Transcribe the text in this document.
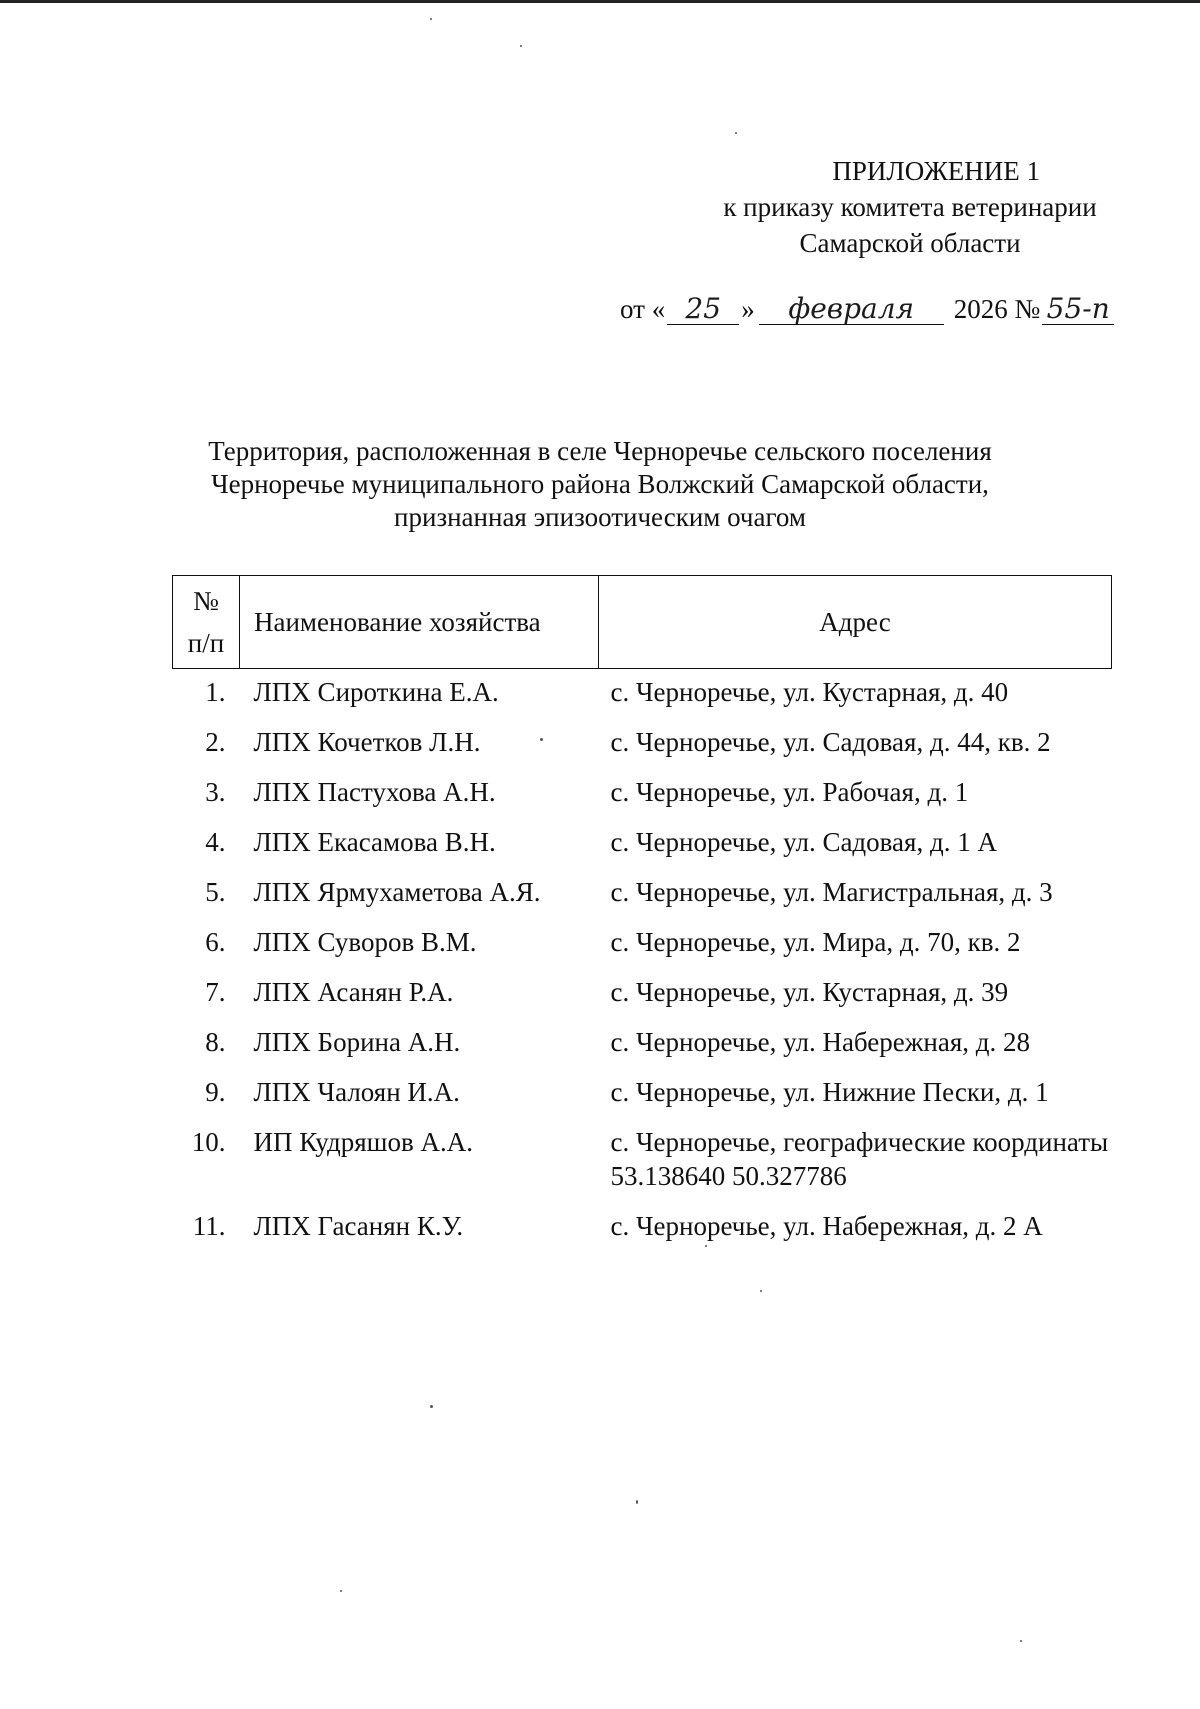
ПРИЛОЖЕНИЕ 1
к приказу комитета ветеринарии
Самарской области
от « 25 »	февраля	2026 № 55-п
Территория, расположенная в селе Черноречье сельского поселения
Черноречье муниципального района Волжский Самарской области,
признанная эпизоотическим очагом
№
п/п	Наименование хозяйства	Адрес
1.	ЛПХ Сироткина Е.А.	с. Черноречье, ул. Кустарная, д. 40
2.	ЛПХ Кочетков Л.Н.	с. Черноречье, ул. Садовая, д. 44, кв. 2
3.	ЛПХ Пастухова А.Н.	с. Черноречье, ул. Рабочая, д. 1
4.	ЛПХ Екасамова В.Н.	с. Черноречье, ул. Садовая, д. 1 А
5.	ЛПХ Ярмухаметова А.Я.	с. Черноречье, ул. Магистральная, д. 3
6.	ЛПХ Суворов В.М.	с. Черноречье, ул. Мира, д. 70, кв. 2
7.	ЛПХ Асанян Р.А.	с. Черноречье, ул. Кустарная, д. 39
8.	ЛПХ Борина А.Н.	с. Черноречье, ул. Набережная, д. 28
9.	ЛПХ Чалоян И.А.	с. Черноречье, ул. Нижние Пески, д. 1
10.	ИП Кудряшов А.А.	с. Черноречье, географические координаты
53.138640 50.327786

11.	ЛПХ Гасанян К.У.	с. Черноречье, ул. Набережная, д. 2 А
